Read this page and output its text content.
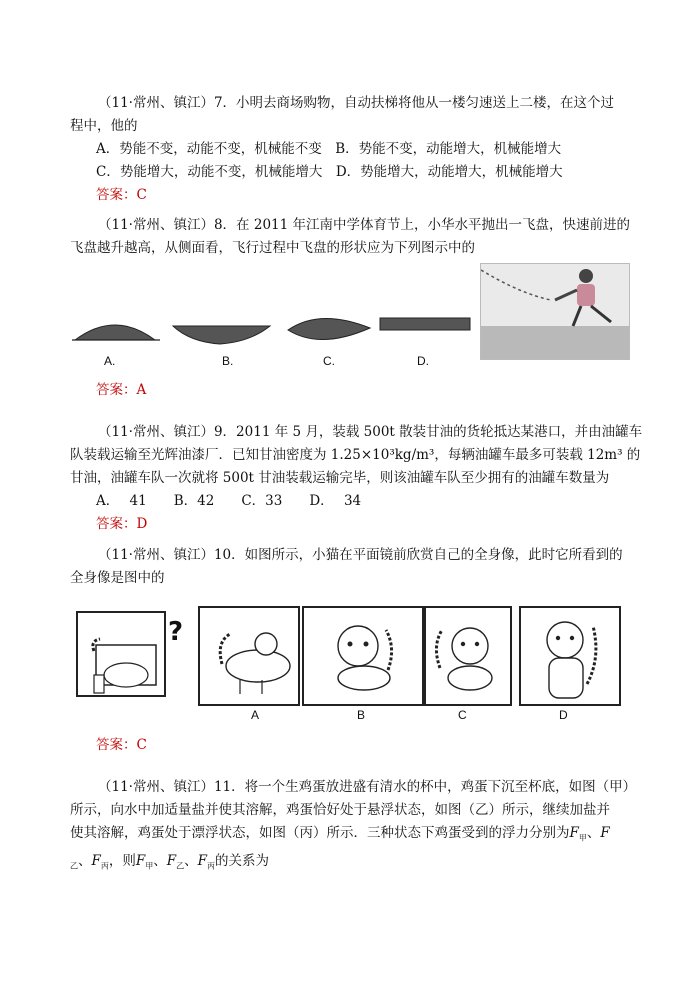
（11·常州、镇江）7．小明去商场购物，自动扶梯将他从一楼匀速送上二楼，在这个过

程中，他的

A．势能不变，动能不变，机械能不变　B．势能不变，动能增大，机械能增大

C．势能增大，动能不变，机械能增大　D．势能增大，动能增大，机械能增大

答案：C

（11·常州、镇江）8．在 2011 年江南中学体育节上，小华水平抛出一飞盘，快速前进的

飞盘越升越高，从侧面看，飞行过程中飞盘的形状应为下列图示中的

A.	B.	C.	D.

答案：A

（11·常州、镇江）9．2011 年 5 月，装载 500t 散装甘油的货轮抵达某港口，并由油罐车

队装载运输至光辉油漆厂．已知甘油密度为 1.25×10³kg/m³，每辆油罐车最多可装载 12m³ 的

甘油，油罐车队一次就将 500t 甘油装载运输完毕，则该油罐车队至少拥有的油罐车数量为

A． 41　　B．42　　C．33　　D． 34

答案：D

（11·常州、镇江）10．如图所示，小猫在平面镜前欣赏自己的全身像，此时它所看到的

全身像是图中的

?
A	B	C	D

答案：C

（11·常州、镇江）11．将一个生鸡蛋放进盛有清水的杯中，鸡蛋下沉至杯底，如图（甲）

所示，向水中加适量盐并使其溶解，鸡蛋恰好处于悬浮状态，如图（乙）所示，继续加盐并

使其溶解，鸡蛋处于漂浮状态，如图（丙）所示．三种状态下鸡蛋受到的浮力分别为$F_甲$、F

$_乙$、$F_丙$，则$F_甲$、$F_乙$、$F_丙$的关系为
